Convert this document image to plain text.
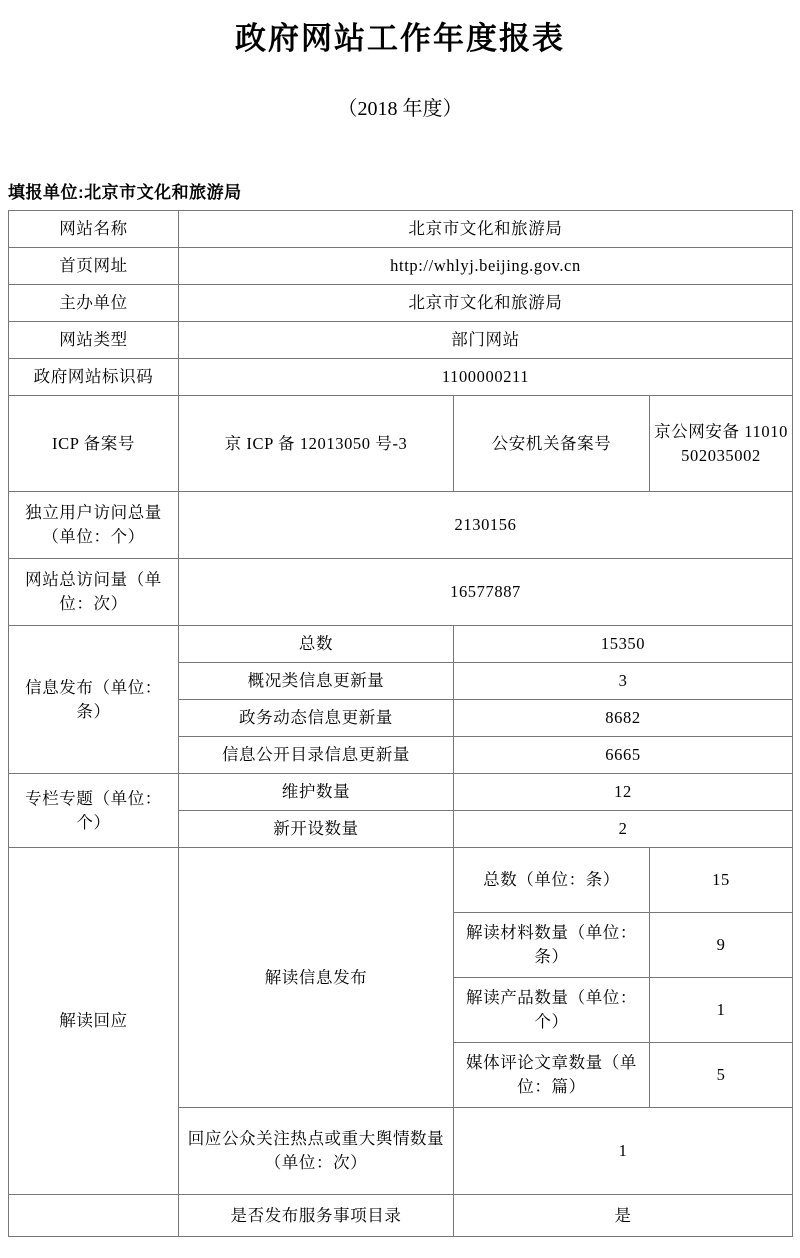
政府网站工作年度报表
（2018 年度）
填报单位:北京市文化和旅游局
网站名称	北京市文化和旅游局		
首页网址	http://whlyj.beijing.gov.cn		
主办单位	北京市文化和旅游局		
网站类型	部门网站		
政府网站标识码	1100000211		
ICP 备案号	京 ICP 备 12013050 号-3	公安机关备案号	京公网安备 11010502035002
独立用户访问总量（单位：个）	2130156		
网站总访问量（单位：次）	16577887		
信息发布（单位：条）	总数	15350	
	概况类信息更新量	3	
	政务动态信息更新量	8682	
	信息公开目录信息更新量	6665	
专栏专题（单位：个）	维护数量	12	
	新开设数量	2	
解读回应	解读信息发布	总数（单位：条）	15
		解读材料数量（单位：条）	9
		解读产品数量（单位：个）	1
		媒体评论文章数量（单位：篇）	5
	回应公众关注热点或重大舆情数量（单位：次）	1	
	是否发布服务事项目录	是	
